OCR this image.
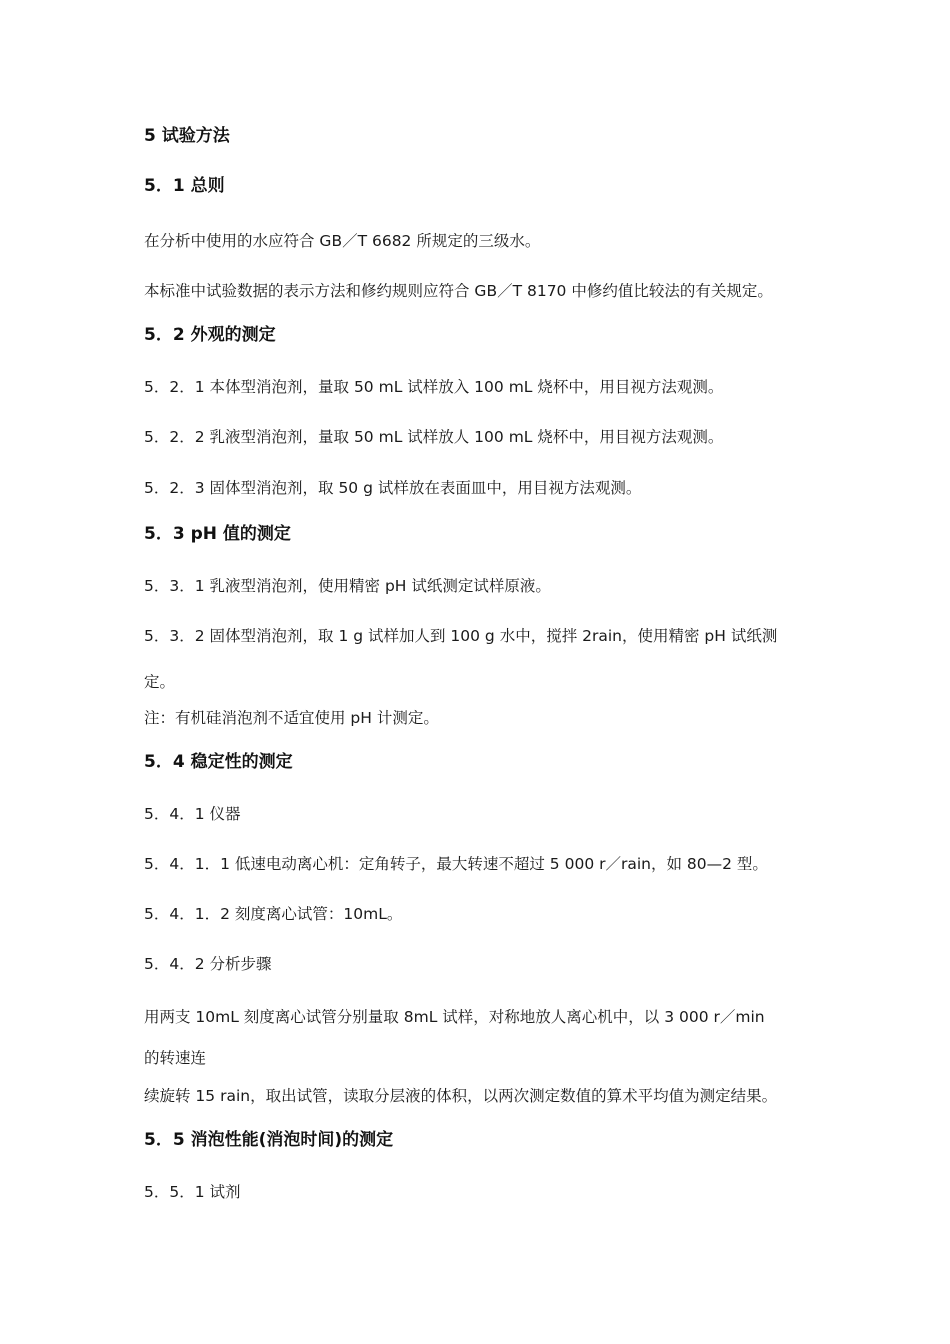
5 试验方法
5．1 总则
在分析中使用的水应符合 GB／T 6682 所规定的三级水。
本标准中试验数据的表示方法和修约规则应符合 GB／T 8170 中修约值比较法的有关规定。
5．2 外观的测定
5．2．1 本体型消泡剂，量取 50 mL 试样放入 100 mL 烧杯中，用目视方法观测。
5．2．2 乳液型消泡剂，量取 50 mL 试样放人 100 mL 烧杯中，用目视方法观测。
5．2．3 固体型消泡剂，取 50 g 试样放在表面皿中，用目视方法观测。
5．3 pH 值的测定
5．3．1 乳液型消泡剂，使用精密 pH 试纸测定试样原液。
5．3．2 固体型消泡剂，取 1 g 试样加人到 100 g 水中，搅拌 2rain，使用精密 pH 试纸测
定。
注：有机硅消泡剂不适宜使用 pH 计测定。
5．4 稳定性的测定
5．4．1 仪器
5．4．1．1 低速电动离心机：定角转子，最大转速不超过 5 000 r／rain，如 80—2 型。
5．4．1．2 刻度离心试管：10mL。
5．4．2 分析步骤
用两支 10mL 刻度离心试管分别量取 8mL 试样，对称地放人离心机中，以 3 000 r／min
的转速连
续旋转 15 rain，取出试管，读取分层液的体积，以两次测定数值的算术平均值为测定结果。
5．5 消泡性能(消泡时间)的测定
5．5．1 试剂
